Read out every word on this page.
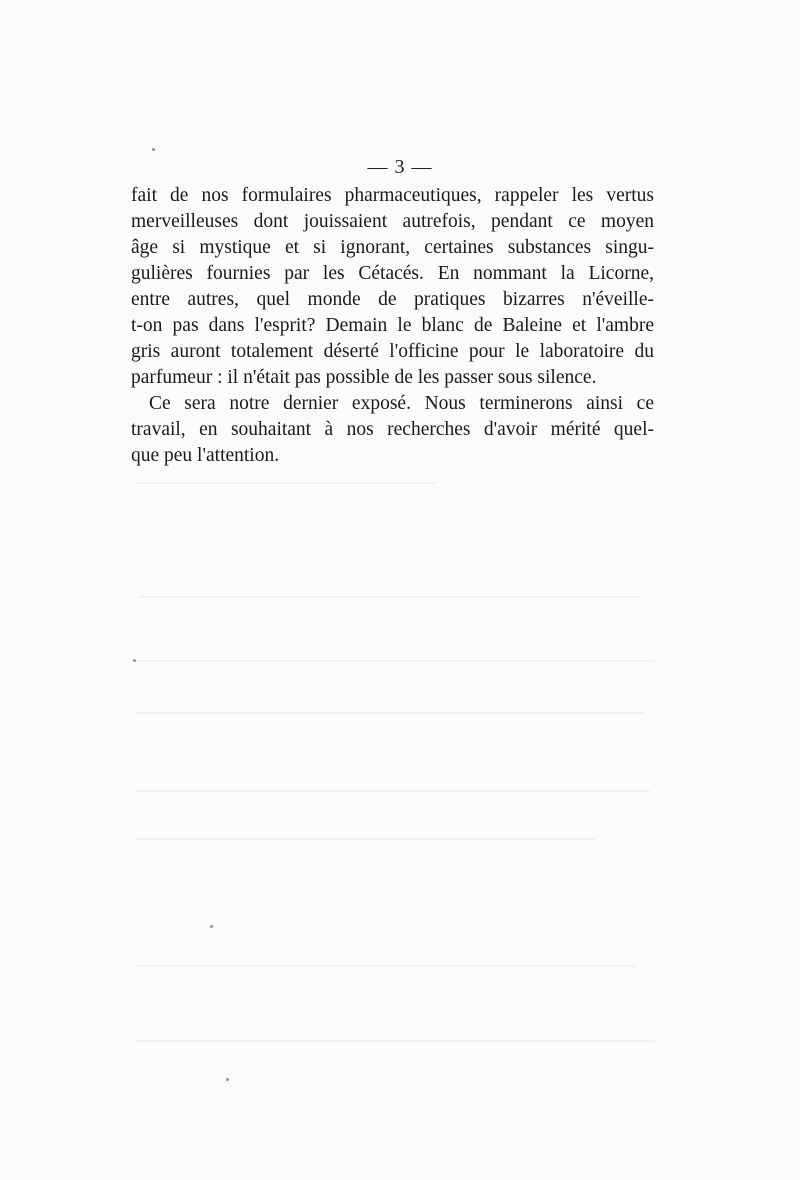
— 3 —
fait de nos formulaires pharmaceutiques, rappeler les vertus
merveilleuses dont jouissaient autrefois, pendant ce moyen
âge si mystique et si ignorant, certaines substances singu-
gulières fournies par les Cétacés. En nommant la Licorne,
entre autres, quel monde de pratiques bizarres n'éveille-
t-on pas dans l'esprit? Demain le blanc de Baleine et l'ambre
gris auront totalement déserté l'officine pour le laboratoire du
parfumeur : il n'était pas possible de les passer sous silence.
Ce sera notre dernier exposé. Nous terminerons ainsi ce
travail, en souhaitant à nos recherches d'avoir mérité quel-
que peu l'attention.
